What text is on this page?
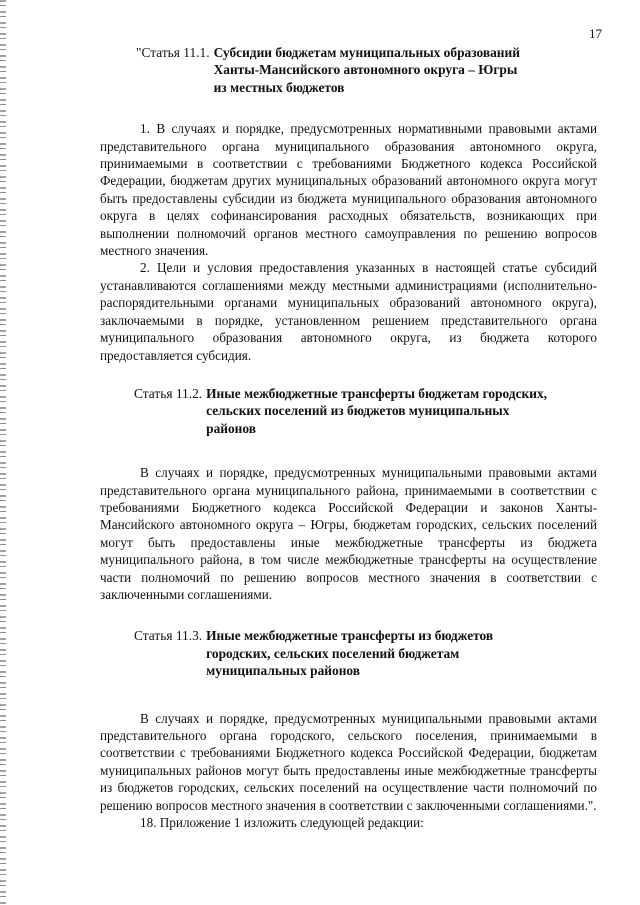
17
"Статья 11.1. Субсидии бюджетам муниципальных образований
Ханты-Мансийского автономного округа – Югры
из местных бюджетов

1. В случаях и порядке, предусмотренных нормативными правовыми актами представительного органа муниципального образования автономного округа, принимаемыми в соответствии с требованиями Бюджетного кодекса Российской Федерации, бюджетам других муниципальных образований автономного округа могут быть предоставлены субсидии из бюджета муниципального образования автономного округа в целях софинансирования расходных обязательств, возникающих при выполнении полномочий органов местного самоуправления по решению вопросов местного значения.

2. Цели и условия предоставления указанных в настоящей статье субсидий устанавливаются соглашениями между местными администрациями (исполнительно-распорядительными органами муниципальных образований автономного округа), заключаемыми в порядке, установленном решением представительного органа муниципального образования автономного округа, из бюджета которого предоставляется субсидия.

Статья 11.2. Иные межбюджетные трансферты бюджетам городских,
сельских поселений из бюджетов муниципальных
районов

В случаях и порядке, предусмотренных муниципальными правовыми актами представительного органа муниципального района, принимаемыми в соответствии с требованиями Бюджетного кодекса Российской Федерации и законов Ханты-Мансийского автономного округа – Югры, бюджетам городских, сельских поселений могут быть предоставлены иные межбюджетные трансферты из бюджета муниципального района, в том числе межбюджетные трансферты на осуществление части полномочий по решению вопросов местного значения в соответствии с заключенными соглашениями.

Статья 11.3. Иные межбюджетные трансферты из бюджетов
городских, сельских поселений бюджетам
муниципальных районов

В случаях и порядке, предусмотренных муниципальными правовыми актами представительного органа городского, сельского поселения, принимаемыми в соответствии с требованиями Бюджетного кодекса Российской Федерации, бюджетам муниципальных районов могут быть предоставлены иные межбюджетные трансферты из бюджетов городских, сельских поселений на осуществление части полномочий по решению вопросов местного значения в соответствии с заключенными соглашениями.".

18. Приложение 1 изложить следующей редакции:
